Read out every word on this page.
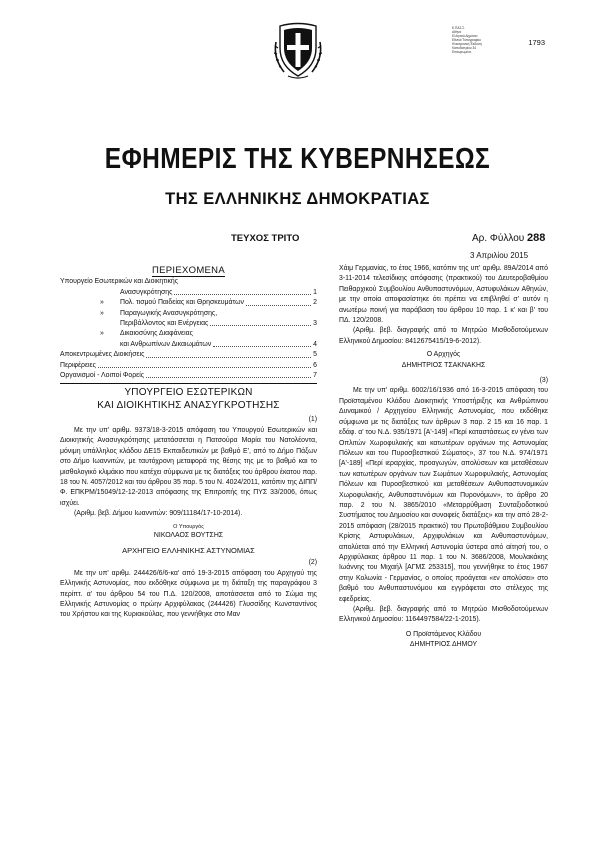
Ε.ΠΑΣ.Σ.
Αθήνα
Ελληνικό Δημόσιο
Εθνικό Τυπογραφείο
Ηλεκτρονική Έκδοση
Καποδιστρίου 34
Επικυρωμένο
1793
ΕΦΗΜΕΡΙΣ ΤΗΣ ΚΥΒΕΡΝΗΣΕΩΣ
ΤΗΣ ΕΛΛΗΝΙΚΗΣ ΔΗΜΟΚΡΑΤΙΑΣ
ΤΕΥΧΟΣ ΤΡΙΤΟ	Αρ. Φύλλου 288
3 Απριλίου 2015
ΠΕΡΙΕΧΟΜΕΝΑ
Υπουργείο Εσωτερικών και Διοικητικής
Ανασυγκρότησης	1
»	Πολ. τισμού Παιδείας και Θρησκευμάτων	2
» Παραγωγικής Ανασυγκρότησης,
Περιβάλλοντος και Ενέργειας	3
» Δικαιοσύνης Διαφάνειας
και Ανθρωπίνων Δικαιωμάτων	4
Αποκεντρωμένες Διοικήσεις	5
Περιφέρειες	6
Οργανισμοί - Λοιποί Φορείς	7
ΥΠΟΥΡΓΕΙΟ ΕΣΩΤΕΡΙΚΩΝ
ΚΑΙ ΔΙΟΙΚΗΤΙΚΗΣ ΑΝΑΣΥΓΚΡΟΤΗΣΗΣ
(1)

Με την υπ' αριθμ. 9373/18-3-2015 απόφαση του Υπουργού Εσωτερικών και Διοικητικής Ανασυγκρότησης μετατάσσεται η Πατσούρα Μαρία του Νατολέοντα, μόνιμη υπάλληλος κλάδου ΔΕ15 Εκπαιδευτικών με βαθμό Ε', από το Δήμο Πάξων στο Δήμο Ιωαννιτών, με ταυτόχρονη μεταφορά της θέσης της με το βαθμό και το μισθολογικό κλιμάκιο που κατέχει σύμφωνα με τις διατάξεις του άρθρου έκατου παρ. 18 του Ν. 4057/2012 και του άρθρου 35 παρ. 5 του Ν. 4024/2011, κατόπιν της ΔΙΠΠ/Φ. ΕΠΚΡΜ/15049/12-12-2013 απόφασης της Επιτροπής της ΠΥΣ 33/2006, όπως ισχύει.

(Αριθμ. βεβ. Δήμου Ιωαννιτών: 909/11184/17-10-2014).

Ο Υπουργός
ΝΙΚΟΛΑΟΣ ΒΟΥΤΣΗΣ
ΑΡΧΗΓΕΙΟ ΕΛΛΗΝΙΚΗΣ ΑΣΤΥΝΟΜΙΑΣ
(2)

Με την υπ' αριθμ. 244426/6/6-κα' από 19-3-2015 απόφαση του Αρχηγού της Ελληνικής Αστυνομίας, που εκδόθηκε σύμφωνα με τη διάταξη της παραγράφου 3 περίπτ. α' του άρθρου 54 του Π.Δ. 120/2008, αποτάσσεται από το Σώμα της Ελληνικής Αστυνομίας ο πρώην Αρχιφύλακας (244426) Γλυσσίδης Κωνσταντίνος του Χρήστου και της Κυριακούλας, που γεννήθηκε στο Μαν

Χάιμ Γερμανίας, το έτος 1966, κατόπιν της υπ' αριθμ. 89Α/2014 από 3-11-2014 τελεσίδικης απόφασης (πρακτικού) του Δευτεροβαθμίου Πειθαρχικού Συμβουλίου Ανθυπαστυνόμων, Αστυφυλάκων Αθηνών, με την οποία αποφασίστηκε ότι πρέπει να επιβληθεί σ' αυτόν η ανωτέρω ποινή για παράβαση του άρθρου 10 παρ. 1 κ' και β' του ΠΔ. 120/2008.

(Αριθμ. βεβ. διαγραφής από το Μητρώο Μισθοδοτούμενων Ελληνικού Δημοσίου: 8412675415/19-6-2012).

Ο Αρχηγός
ΔΗΜΗΤΡΙΟΣ ΤΣΑΚΝΑΚΗΣ
(3)

Με την υπ' αριθμ. 6002/16/1936 από 16-3-2015 απόφαση του Προϊσταμένου Κλάδου Διοικητικής Υποστήριξης και Ανθρώπινου Δυναμικού / Αρχηγείου Ελληνικής Αστυνομίας, που εκδόθηκε σύμφωνα με τις διατάξεις των άρθρων 3 παρ. 2 15 και 16 παρ. 1 εδάφ. α' του Ν.Δ. 935/1971 [Α'-149] «Περί καταστάσεως εν γένει των Οπλιτών Χωροφυλακής και κατωτέρων οργάνων της Αστυνομίας Πόλεων και του Πυροσβεστικού Σώματος», 37 του Ν.Δ. 974/1971 [Α'-189] «Περί ιεραρχίας, προαγωγών, απολύσεων και μεταθέσεων των κατωτέρων οργάνων των Σωμάτων Χωροφυλακής, Αστυνομίας Πόλεων και Πυροσβεστικού και μεταθέσεων Ανθυπαστυνομικών Χωροφυλακής, Ανθυπαστυνόμων και Πυρονόμων», το άρθρο 20 παρ. 2 του Ν. 3865/2010 «Μεταρρύθμιση Συνταξιοδοτικού Συστήματος του Δημοσίου και συναφείς διατάξεις» και την από 28-2-2015 απόφαση (28/2015 πρακτικό) του Πρωτοβάθμιου Συμβουλίου Κρίσης Αστυφυλάκων, Αρχιφυλάκων και Ανθυπαστυνόμων, απολύεται από την Ελληνική Αστυνομία ύστερα από αίτησή του, ο Αρχιφύλακας άρθρου 11 παρ. 1 του Ν. 3686/2008, Μουλακάκης Ιωάννης του Μιχαήλ [ΑΓΜΣ 253315], που γεννήθηκε το έτος 1967 στην Κολωνία - Γερμανίας, ο οποίος προάγεται «εν απολύσει» στο βαθμό του Ανθυπαστυνόμου και εγγράφεται στο στέλεχος της εφεδρείας.

(Αριθμ. βεβ. διαγραφής από το Μητρώο Μισθοδοτούμενων Ελληνικού Δημοσίου: 1164497584/22-1-2015).

Ο Προϊστάμενος Κλάδου
ΔΗΜΗΤΡΙΟΣ ΔΗΜΟΥ
